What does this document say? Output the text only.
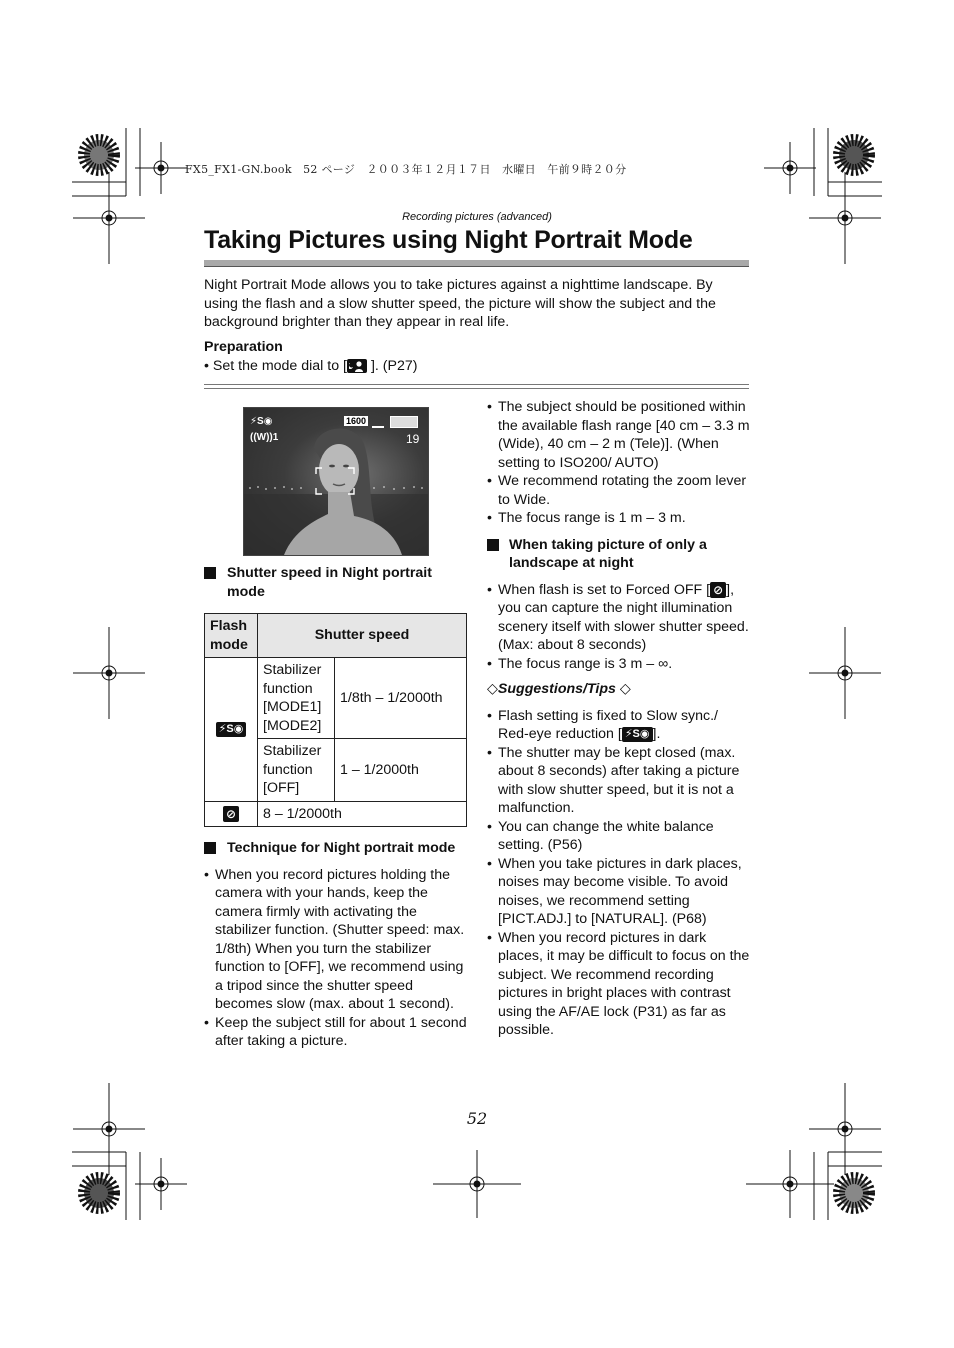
FX5_FX1-GN.book　52 ページ　２００３年１２月１７日　水曜日　午前９時２０分
Recording pictures (advanced)
Taking Pictures using Night Portrait Mode

Night Portrait Mode allows you to take pictures against a nighttime landscape. By using the flash and a slow shutter speed, the picture will show the subject and the background brighter than they appear in real life.

Preparation
• Set the mode dial to [ ]. (P27)
⚡S◉
((W))1
1600
19
Shutter speed in Night portrait mode
Flash mode	Shutter speed	
⚡S◉	Stabilizer function [MODE1] [MODE2]	1/8th – 1/2000th
	Stabilizer function [OFF]	1 – 1/2000th
⊘	8 – 1/2000th	
Technique for Night portrait mode
• When you record pictures holding the camera with your hands, keep the camera firmly with activating the stabilizer function. (Shutter speed: max. 1/8th) When you turn the stabilizer function to [OFF], we recommend using a tripod since the shutter speed becomes slow (max. about 1 second).
• Keep the subject still for about 1 second after taking a picture.
• The subject should be positioned within the available flash range [40 cm – 3.3 m (Wide), 40 cm – 2 m (Tele)]. (When setting to ISO200/ AUTO)
• We recommend rotating the zoom lever to Wide.
• The focus range is 1 m – 3 m.
When taking picture of only a landscape at night
• When flash is set to Forced OFF [ ⊘ ], you can capture the night illumination scenery itself with slower shutter speed. (Max: about 8 seconds)
• The focus range is 3 m – ∞.
◇Suggestions/Tips ◇
• Flash setting is fixed to Slow sync./ Red-eye reduction [ ⚡S◉ ].
• The shutter may be kept closed (max. about 8 seconds) after taking a picture with slow shutter speed, but it is not a malfunction.
• You can change the white balance setting. (P56)
• When you take pictures in dark places, noises may become visible. To avoid noises, we recommend setting [PICT.ADJ.] to [NATURAL]. (P68)
• When you record pictures in dark places, it may be difficult to focus on the subject. We recommend recording pictures in bright places with contrast using the AF/AE lock (P31) as far as possible.
52
